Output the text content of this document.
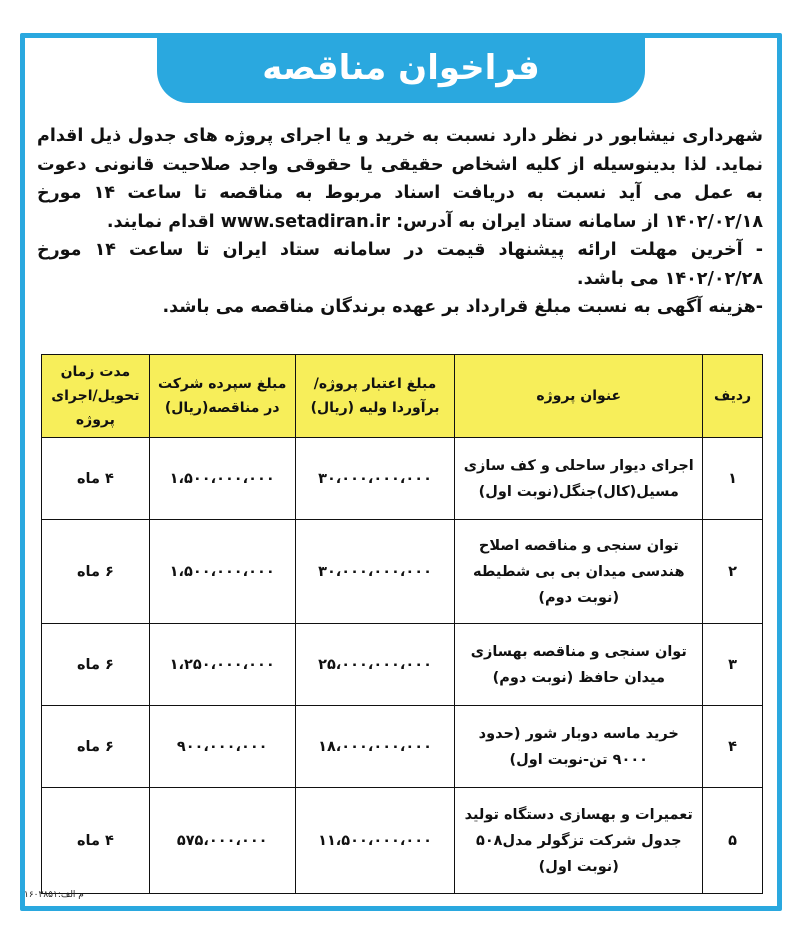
فراخوان مناقصه

شهرداری نیشابور در نظر دارد نسبت به خرید و یا اجرای پروژه های جدول ذیل اقدام نماید. لذا بدینوسیله از کلیه اشخاص حقیقی یا حقوقی واجد صلاحیت قانونی دعوت به عمل می آید نسبت به دریافت اسناد مربوط به مناقصه تا ساعت ۱۴ مورخ ۱۴۰۲/۰۲/۱۸ از سامانه ستاد ایران به آدرس: www.setadiran.ir اقدام نمایند.

- آخرین مهلت ارائه پیشنهاد قیمت در سامانه ستاد ایران تا ساعت ۱۴ مورخ ۱۴۰۲/۰۲/۲۸ می باشد.

-هزینه آگهی به نسبت مبلغ قرارداد بر عهده برندگان مناقصه می باشد.

ردیف	عنوان پروژه	مبلغ اعتبار پروژه/برآوردا ولیه (ریال)	مبلغ سپرده شرکت در مناقصه(ریال)	مدت زمان تحویل/اجرای پروژه
۱	اجرای دیوار ساحلی و کف سازی مسیل(کال)جنگل(نوبت اول)	۳۰،۰۰۰،۰۰۰،۰۰۰	۱،۵۰۰،۰۰۰،۰۰۰	۴ ماه
۲	توان سنجی و مناقصه اصلاح هندسی میدان بی بی شطیطه (نوبت دوم)	۳۰،۰۰۰،۰۰۰،۰۰۰	۱،۵۰۰،۰۰۰،۰۰۰	۶ ماه
۳	توان سنجی و مناقصه بهسازی میدان حافظ (نوبت دوم)	۲۵،۰۰۰،۰۰۰،۰۰۰	۱،۲۵۰،۰۰۰،۰۰۰	۶ ماه
۴	خرید ماسه دوبار شور (حدود ۹۰۰۰ تن-نوبت اول)	۱۸،۰۰۰،۰۰۰،۰۰۰	۹۰۰،۰۰۰،۰۰۰	۶ ماه
۵	تعمیرات و بهسازی دستگاه تولید جدول شرکت تزگولر مدل۵۰۸ (نوبت اول)	۱۱،۵۰۰،۰۰۰،۰۰۰	۵۷۵،۰۰۰،۰۰۰	۴ ماه
۱۶۰۳۸۵۱:م الف
